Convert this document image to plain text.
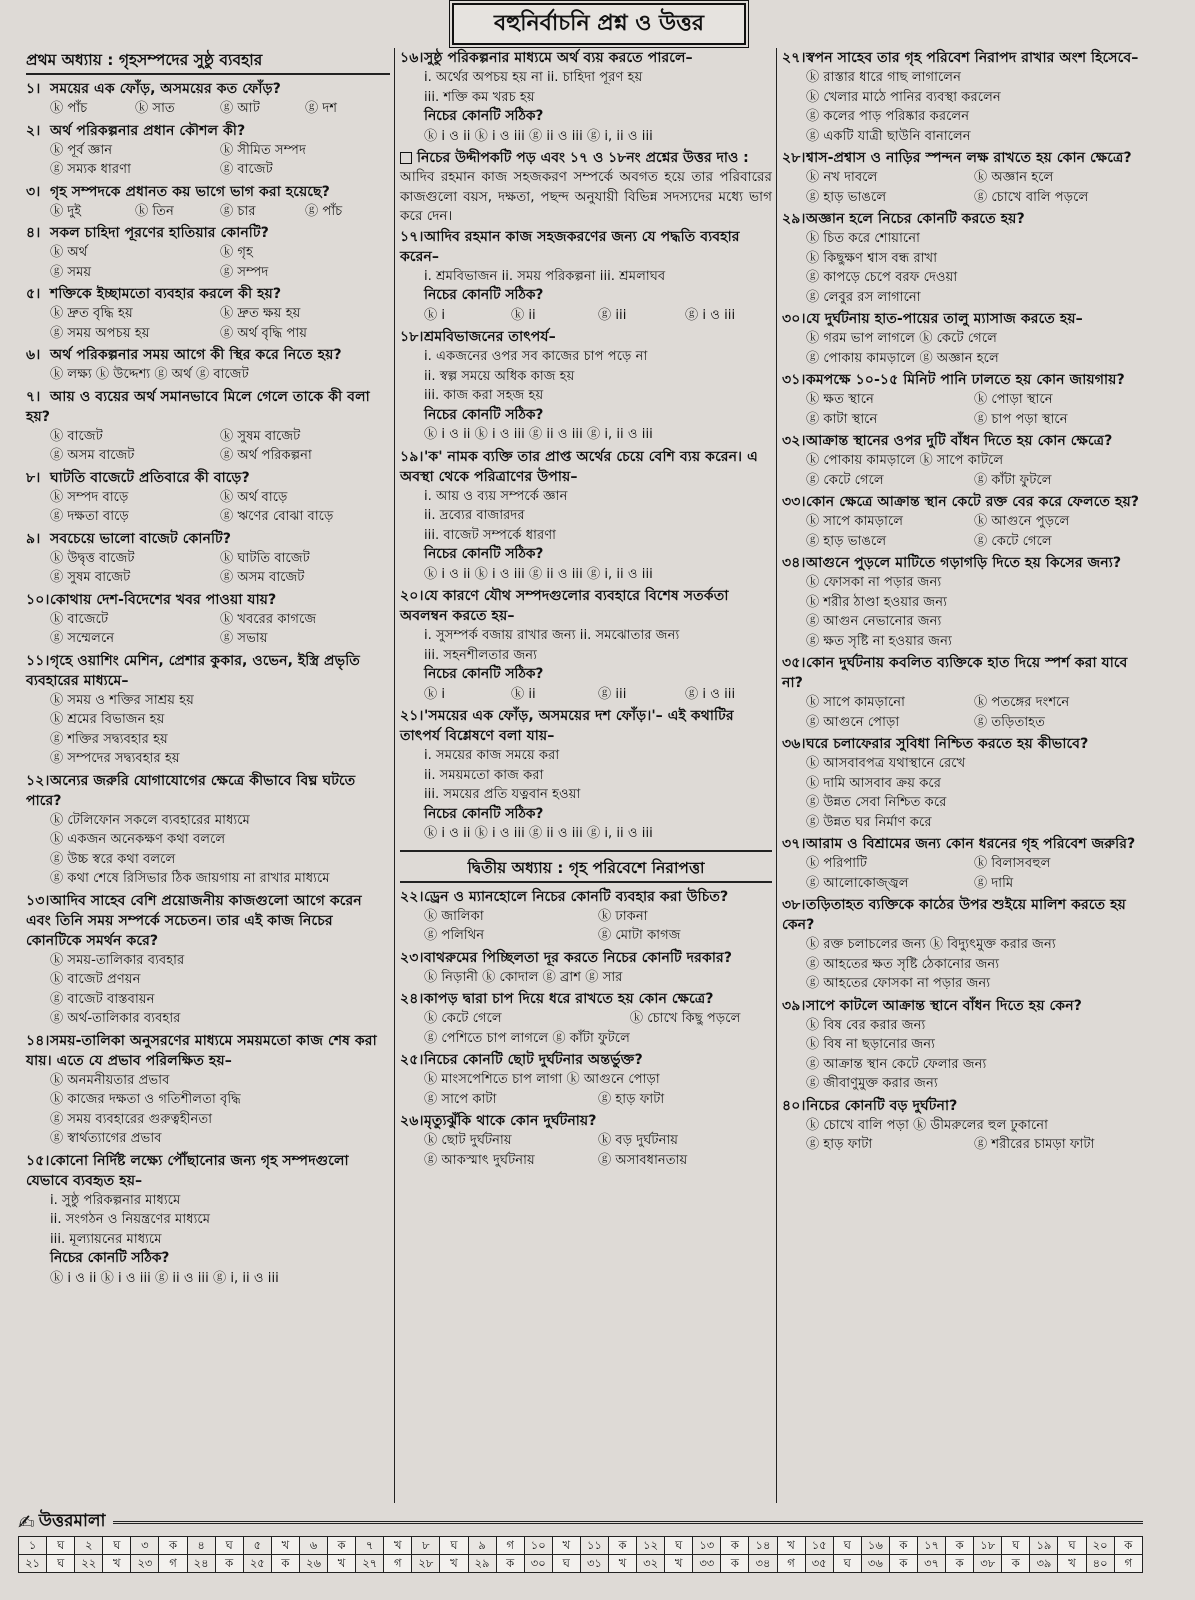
বহুনির্বাচনি প্রশ্ন ও উত্তর
প্রথম অধ্যায় : গৃহসম্পদের সুষ্ঠু ব্যবহার
১। সময়ের এক ফোঁড়, অসময়ের কত ফোঁড়?
ⓚ পাঁচ	ⓚ সাত	ⓖ আট	ⓖ দশ
২। অর্থ পরিকল্পনার প্রধান কৌশল কী?
ⓚ পূর্ব জ্ঞান	ⓚ সীমিত সম্পদ
ⓖ সম্যক ধারণা	ⓖ বাজেট
৩। গৃহ সম্পদকে প্রধানত কয় ভাগে ভাগ করা হয়েছে?
ⓚ দুই	ⓚ তিন	ⓖ চার	ⓖ পাঁচ
৪। সকল চাহিদা পূরণের হাতিয়ার কোনটি?
ⓚ অর্থ	ⓚ গৃহ
ⓖ সময়	ⓖ সম্পদ
৫। শক্তিকে ইচ্ছামতো ব্যবহার করলে কী হয়?
ⓚ দ্রুত বৃদ্ধি হয়	ⓚ দ্রুত ক্ষয় হয়
ⓖ সময় অপচয় হয়	ⓖ অর্থ বৃদ্ধি পায়
৬। অর্থ পরিকল্পনার সময় আগে কী স্থির করে নিতে হয়?
ⓚ লক্ষ্য ⓚ উদ্দেশ্য ⓖ অর্থ ⓖ বাজেট
৭। আয় ও ব্যয়ের অর্থ সমানভাবে মিলে গেলে তাকে কী বলা হয়?
ⓚ বাজেট	ⓚ সুষম বাজেট
ⓖ অসম বাজেট	ⓖ অর্থ পরিকল্পনা
৮। ঘাটতি বাজেটে প্রতিবারে কী বাড়ে?
ⓚ সম্পদ বাড়ে	ⓚ অর্থ বাড়ে
ⓖ দক্ষতা বাড়ে	ⓖ ঋণের বোঝা বাড়ে
৯। সবচেয়ে ভালো বাজেট কোনটি?
ⓚ উদ্বৃত্ত বাজেট	ⓚ ঘাটতি বাজেট
ⓖ সুষম বাজেট	ⓖ অসম বাজেট
১০।কোথায় দেশ-বিদেশের খবর পাওয়া যায়?
ⓚ বাজেটে	ⓚ খবরের কাগজে
ⓖ সম্মেলনে	ⓖ সভায়
১১।গৃহে ওয়াশিং মেশিন, প্রেশার কুকার, ওভেন, ইস্ত্রি প্রভৃতি ব্যবহারের মাধ্যমে–
ⓚ সময় ও শক্তির সাশ্রয় হয়
ⓚ শ্রমের বিভাজন হয়
ⓖ শক্তির সদ্ব্যবহার হয়
ⓖ সম্পদের সদ্ব্যবহার হয়
১২।অন্যের জরুরি যোগাযোগের ক্ষেত্রে কীভাবে বিঘ্ন ঘটতে পারে?
ⓚ টেলিফোন সকলে ব্যবহারের মাধ্যমে
ⓚ একজন অনেকক্ষণ কথা বললে
ⓖ উচ্চ স্বরে কথা বললে
ⓖ কথা শেষে রিসিভার ঠিক জায়গায় না রাখার মাধ্যমে
১৩।আদিব সাহেব বেশি প্রয়োজনীয় কাজগুলো আগে করেন এবং তিনি সময় সম্পর্কে সচেতন। তার এই কাজ নিচের কোনটিকে সমর্থন করে?
ⓚ সময়-তালিকার ব্যবহার
ⓚ বাজেট প্রণয়ন
ⓖ বাজেট বাস্তবায়ন
ⓖ অর্থ-তালিকার ব্যবহার
১৪।সময়-তালিকা অনুসরণের মাধ্যমে সময়মতো কাজ শেষ করা যায়। এতে যে প্রভাব পরিলক্ষিত হয়–
ⓚ অনমনীয়তার প্রভাব
ⓚ কাজের দক্ষতা ও গতিশীলতা বৃদ্ধি
ⓖ সময় ব্যবহারের গুরুত্বহীনতা
ⓖ স্বার্থত্যাগের প্রভাব
১৫।কোনো নির্দিষ্ট লক্ষ্যে পৌঁছানোর জন্য গৃহ সম্পদগুলো যেভাবে ব্যবহৃত হয়–
i. সুষ্ঠু পরিকল্পনার মাধ্যমে
ii. সংগঠন ও নিয়ন্ত্রণের মাধ্যমে
iii. মূল্যায়নের মাধ্যমে
নিচের কোনটি সঠিক?
ⓚ i ও ii ⓚ i ও iii ⓖ ii ও iii ⓖ i, ii ও iii
১৬।সুষ্ঠু পরিকল্পনার মাধ্যমে অর্থ ব্যয় করতে পারলে–
i. অর্থের অপচয় হয় না ii. চাহিদা পূরণ হয়
iii. শক্তি কম খরচ হয়
নিচের কোনটি সঠিক?
ⓚ i ও ii ⓚ i ও iii ⓖ ii ও iii ⓖ i, ii ও iii
নিচের উদ্দীপকটি পড় এবং ১৭ ও ১৮নং প্রশ্নের উত্তর দাও :
আদিব রহমান কাজ সহজকরণ সম্পর্কে অবগত হয়ে তার পরিবারের কাজগুলো বয়স, দক্ষতা, পছন্দ অনুযায়ী বিভিন্ন সদস্যদের মধ্যে ভাগ করে দেন।
১৭।আদিব রহমান কাজ সহজকরণের জন্য যে পদ্ধতি ব্যবহার করেন–
i. শ্রমবিভাজন ii. সময় পরিকল্পনা iii. শ্রমলাঘব
নিচের কোনটি সঠিক?
ⓚ i	ⓚ ii	ⓖ iii	ⓖ i ও iii
১৮।শ্রমবিভাজনের তাৎপর্য–
i. একজনের ওপর সব কাজের চাপ পড়ে না
ii. স্বল্প সময়ে অধিক কাজ হয়
iii. কাজ করা সহজ হয়
নিচের কোনটি সঠিক?
ⓚ i ও ii ⓚ i ও iii ⓖ ii ও iii ⓖ i, ii ও iii
১৯।'ক' নামক ব্যক্তি তার প্রাপ্ত অর্থের চেয়ে বেশি ব্যয় করেন। এ অবস্থা থেকে পরিত্রাণের উপায়–
i. আয় ও ব্যয় সম্পর্কে জ্ঞান
ii. দ্রব্যের বাজারদর
iii. বাজেট সম্পর্কে ধারণা
নিচের কোনটি সঠিক?
ⓚ i ও ii ⓚ i ও iii ⓖ ii ও iii ⓖ i, ii ও iii
২০।যে কারণে যৌথ সম্পদগুলোর ব্যবহারে বিশেষ সতর্কতা অবলম্বন করতে হয়–
i. সুসম্পর্ক বজায় রাখার জন্য ii. সমঝোতার জন্য
iii. সহনশীলতার জন্য
নিচের কোনটি সঠিক?
ⓚ i	ⓚ ii	ⓖ iii	ⓖ i ও iii
২১।'সময়ের এক ফোঁড়, অসময়ের দশ ফোঁড়।'– এই কথাটির তাৎপর্য বিশ্লেষণে বলা যায়–
i. সময়ের কাজ সময়ে করা
ii. সময়মতো কাজ করা
iii. সময়ের প্রতি যত্নবান হওয়া
নিচের কোনটি সঠিক?
ⓚ i ও ii ⓚ i ও iii ⓖ ii ও iii ⓖ i, ii ও iii
দ্বিতীয় অধ্যায় : গৃহ পরিবেশে নিরাপত্তা
২২।ড্রেন ও ম্যানহোলে নিচের কোনটি ব্যবহার করা উচিত?
ⓚ জালিকা	ⓚ ঢাকনা
ⓖ পলিথিন	ⓖ মোটা কাগজ
২৩।বাথরুমের পিচ্ছিলতা দূর করতে নিচের কোনটি দরকার?
ⓚ নিড়ানী ⓚ কোদাল ⓖ ব্রাশ ⓖ সার
২৪।কাপড় দ্বারা চাপ দিয়ে ধরে রাখতে হয় কোন ক্ষেত্রে?
ⓚ কেটে গেলে	ⓚ চোখে কিছু পড়লে
ⓖ পেশিতে চাপ লাগলে ⓖ কাঁটা ফুটলে
২৫।নিচের কোনটি ছোট দুর্ঘটনার অন্তর্ভুক্ত?
ⓚ মাংসপেশিতে চাপ লাগা ⓚ আগুনে পোড়া
ⓖ সাপে কাটা	ⓖ হাড় ফাটা
২৬।মৃত্যুঝুঁকি থাকে কোন দুর্ঘটনায়?
ⓚ ছোট দুর্ঘটনায়	ⓚ বড় দুর্ঘটনায়
ⓖ আকস্মাৎ দুর্ঘটনায়	ⓖ অসাবধানতায়
২৭।স্বপন সাহেব তার গৃহ পরিবেশ নিরাপদ রাখার অংশ হিসেবে–
ⓚ রাস্তার ধারে গাছ লাগালেন
ⓚ খেলার মাঠে পানির ব্যবস্থা করলেন
ⓖ কলের পাড় পরিষ্কার করলেন
ⓖ একটি যাত্রী ছাউনি বানালেন
২৮।শ্বাস-প্রশ্বাস ও নাড়ির স্পন্দন লক্ষ রাখতে হয় কোন ক্ষেত্রে?
ⓚ নখ দাবলে	ⓚ অজ্ঞান হলে
ⓖ হাড় ভাঙলে	ⓖ চোখে বালি পড়লে
২৯।অজ্ঞান হলে নিচের কোনটি করতে হয়?
ⓚ চিত করে শোয়ানো
ⓚ কিছুক্ষণ শ্বাস বন্ধ রাখা
ⓖ কাপড়ে চেপে বরফ দেওয়া
ⓖ লেবুর রস লাগানো
৩০।যে দুর্ঘটনায় হাত-পায়ের তালু ম্যাসাজ করতে হয়–
ⓚ গরম ভাপ লাগলে ⓚ কেটে গেলে
ⓖ পোকায় কামড়ালে ⓖ অজ্ঞান হলে
৩১।কমপক্ষে ১০-১৫ মিনিট পানি ঢালতে হয় কোন জায়গায়?
ⓚ ক্ষত স্থানে	ⓚ পোড়া স্থানে
ⓖ কাটা স্থানে	ⓖ চাপ পড়া স্থানে
৩২।আক্রান্ত স্থানের ওপর দুটি বাঁধন দিতে হয় কোন ক্ষেত্রে?
ⓚ পোকায় কামড়ালে ⓚ সাপে কাটলে
ⓖ কেটে গেলে	ⓖ কাঁটা ফুটলে
৩৩।কোন ক্ষেত্রে আক্রান্ত স্থান কেটে রক্ত বের করে ফেলতে হয়?
ⓚ সাপে কামড়ালে	ⓚ আগুনে পুড়লে
ⓖ হাড় ভাঙলে	ⓖ কেটে গেলে
৩৪।আগুনে পুড়লে মাটিতে গড়াগড়ি দিতে হয় কিসের জন্য?
ⓚ ফোসকা না পড়ার জন্য
ⓚ শরীর ঠাণ্ডা হওয়ার জন্য
ⓖ আগুন নেভানোর জন্য
ⓖ ক্ষত সৃষ্টি না হওয়ার জন্য
৩৫।কোন দুর্ঘটনায় কবলিত ব্যক্তিকে হাত দিয়ে স্পর্শ করা যাবে না?
ⓚ সাপে কামড়ানো	ⓚ পতঙ্গের দংশনে
ⓖ আগুনে পোড়া	ⓖ তড়িতাহত
৩৬।ঘরে চলাফেরার সুবিধা নিশ্চিত করতে হয় কীভাবে?
ⓚ আসবাবপত্র যথাস্থানে রেখে
ⓚ দামি আসবাব ক্রয় করে
ⓖ উন্নত সেবা নিশ্চিত করে
ⓖ উন্নত ঘর নির্মাণ করে
৩৭।আরাম ও বিশ্রামের জন্য কোন ধরনের গৃহ পরিবেশ জরুরি?
ⓚ পরিপাটি	ⓚ বিলাসবহুল
ⓖ আলোকোজ্জ্বল	ⓖ দামি
৩৮।তড়িতাহত ব্যক্তিকে কাঠের উপর শুইয়ে মালিশ করতে হয় কেন?
ⓚ রক্ত চলাচলের জন্য ⓚ বিদ্যুৎমুক্ত করার জন্য
ⓖ আহতের ক্ষত সৃষ্টি ঠেকানোর জন্য
ⓖ আহতের ফোসকা না পড়ার জন্য
৩৯।সাপে কাটলে আক্রান্ত স্থানে বাঁধন দিতে হয় কেন?
ⓚ বিষ বের করার জন্য
ⓚ বিষ না ছড়ানোর জন্য
ⓖ আক্রান্ত স্থান কেটে ফেলার জন্য
ⓖ জীবাণুমুক্ত করার জন্য
৪০।নিচের কোনটি বড় দুর্ঘটনা?
ⓚ চোখে বালি পড়া ⓚ ডীমরুলের হুল ঢুকানো
ⓖ হাড় ফাটা	ⓖ শরীরের চামড়া ফাটা
✍ উত্তরমালা
১	ঘ	২	ঘ	৩	ক	৪	ঘ	৫	খ	৬	ক	৭	খ	৮	ঘ	৯	গ	১০	খ	১১	ক	১২	ঘ	১৩	ক	১৪	খ	১৫	ঘ	১৬	ক	১৭	ক	১৮	ঘ	১৯	ঘ	২০	ক
২১	ঘ	২২	খ	২৩	গ	২৪	ক	২৫	ক	২৬	খ	২৭	গ	২৮	খ	২৯	ক	৩০	ঘ	৩১	খ	৩২	খ	৩৩	ক	৩৪	গ	৩৫	ঘ	৩৬	ক	৩৭	ক	৩৮	ক	৩৯	খ	৪০	গ
